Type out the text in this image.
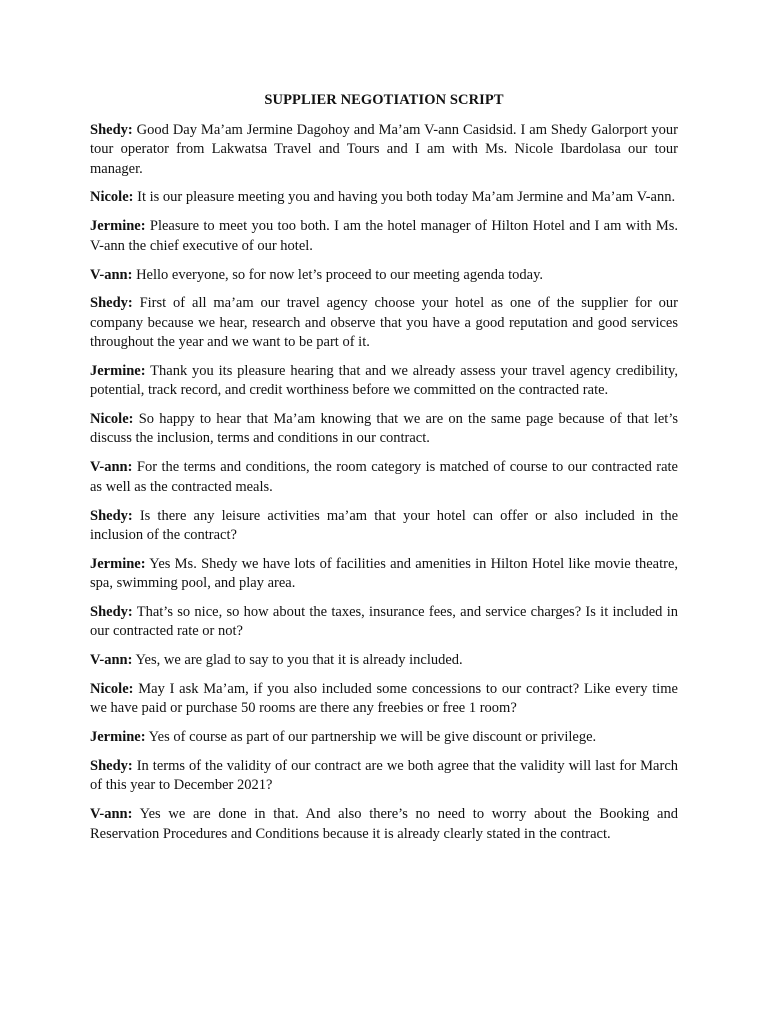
SUPPLIER NEGOTIATION SCRIPT

Shedy: Good Day Ma’am Jermine Dagohoy and Ma’am V-ann Casidsid. I am Shedy Galorport your tour operator from Lakwatsa Travel and Tours and I am with Ms. Nicole Ibardolasa our tour manager.

Nicole: It is our pleasure meeting you and having you both today Ma’am Jermine and Ma’am V-ann.

Jermine: Pleasure to meet you too both. I am the hotel manager of Hilton Hotel and I am with Ms. V-ann the chief executive of our hotel.

V-ann: Hello everyone, so for now let’s proceed to our meeting agenda today.

Shedy: First of all ma’am our travel agency choose your hotel as one of the supplier for our company because we hear, research and observe that you have a good reputation and good services throughout the year and we want to be part of it.

Jermine: Thank you its pleasure hearing that and we already assess your travel agency credibility, potential, track record, and credit worthiness before we committed on the contracted rate.

Nicole: So happy to hear that Ma’am knowing that we are on the same page because of that let’s discuss the inclusion, terms and conditions in our contract.

V-ann: For the terms and conditions, the room category is matched of course to our contracted rate as well as the contracted meals.

Shedy: Is there any leisure activities ma’am that your hotel can offer or also included in the inclusion of the contract?

Jermine: Yes Ms. Shedy we have lots of facilities and amenities in Hilton Hotel like movie theatre, spa, swimming pool, and play area.

Shedy: That’s so nice, so how about the taxes, insurance fees, and service charges? Is it included in our contracted rate or not?

V-ann: Yes, we are glad to say to you that it is already included.

Nicole: May I ask Ma’am, if you also included some concessions to our contract? Like every time we have paid or purchase 50 rooms are there any freebies or free 1 room?

Jermine: Yes of course as part of our partnership we will be give discount or privilege.

Shedy: In terms of the validity of our contract are we both agree that the validity will last for March of this year to December 2021?

V-ann: Yes we are done in that. And also there’s no need to worry about the Booking and Reservation Procedures and Conditions because it is already clearly stated in the contract.
